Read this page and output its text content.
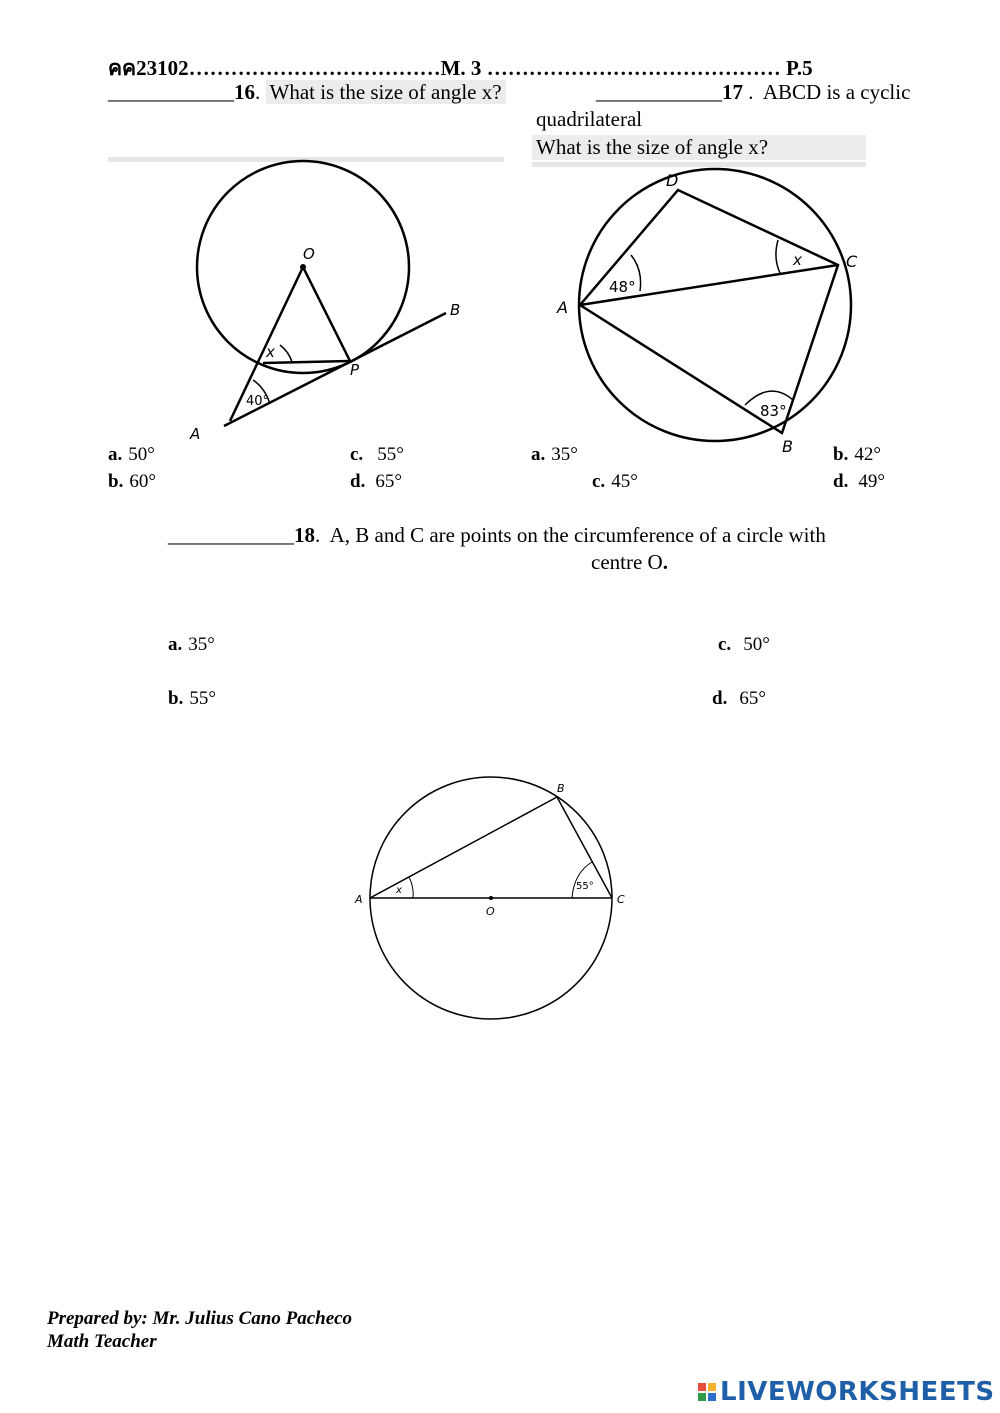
คค23102………………………………M. 3 …………………………………… P.5
____________16. What is the size of angle x?	____________17 .  ABCD is a cyclic
quadrilateral
What is the size of angle x?
O
B
A
P
x
40°
A
B
C
D
x
48°
83°
a. 50°
b. 60°
c. 55°
d. 65°
a. 35°	b. 42°
c. 45°	d. 49°
____________18.  A, B and C are points on the circumference of a circle with
centre O.
a. 35°
b. 55°
c. 50°
d. 65°
A
B
C
O
x	55°
Prepared by: Mr. Julius Cano Pacheco
Math Teacher
LIVEWORKSHEETS
